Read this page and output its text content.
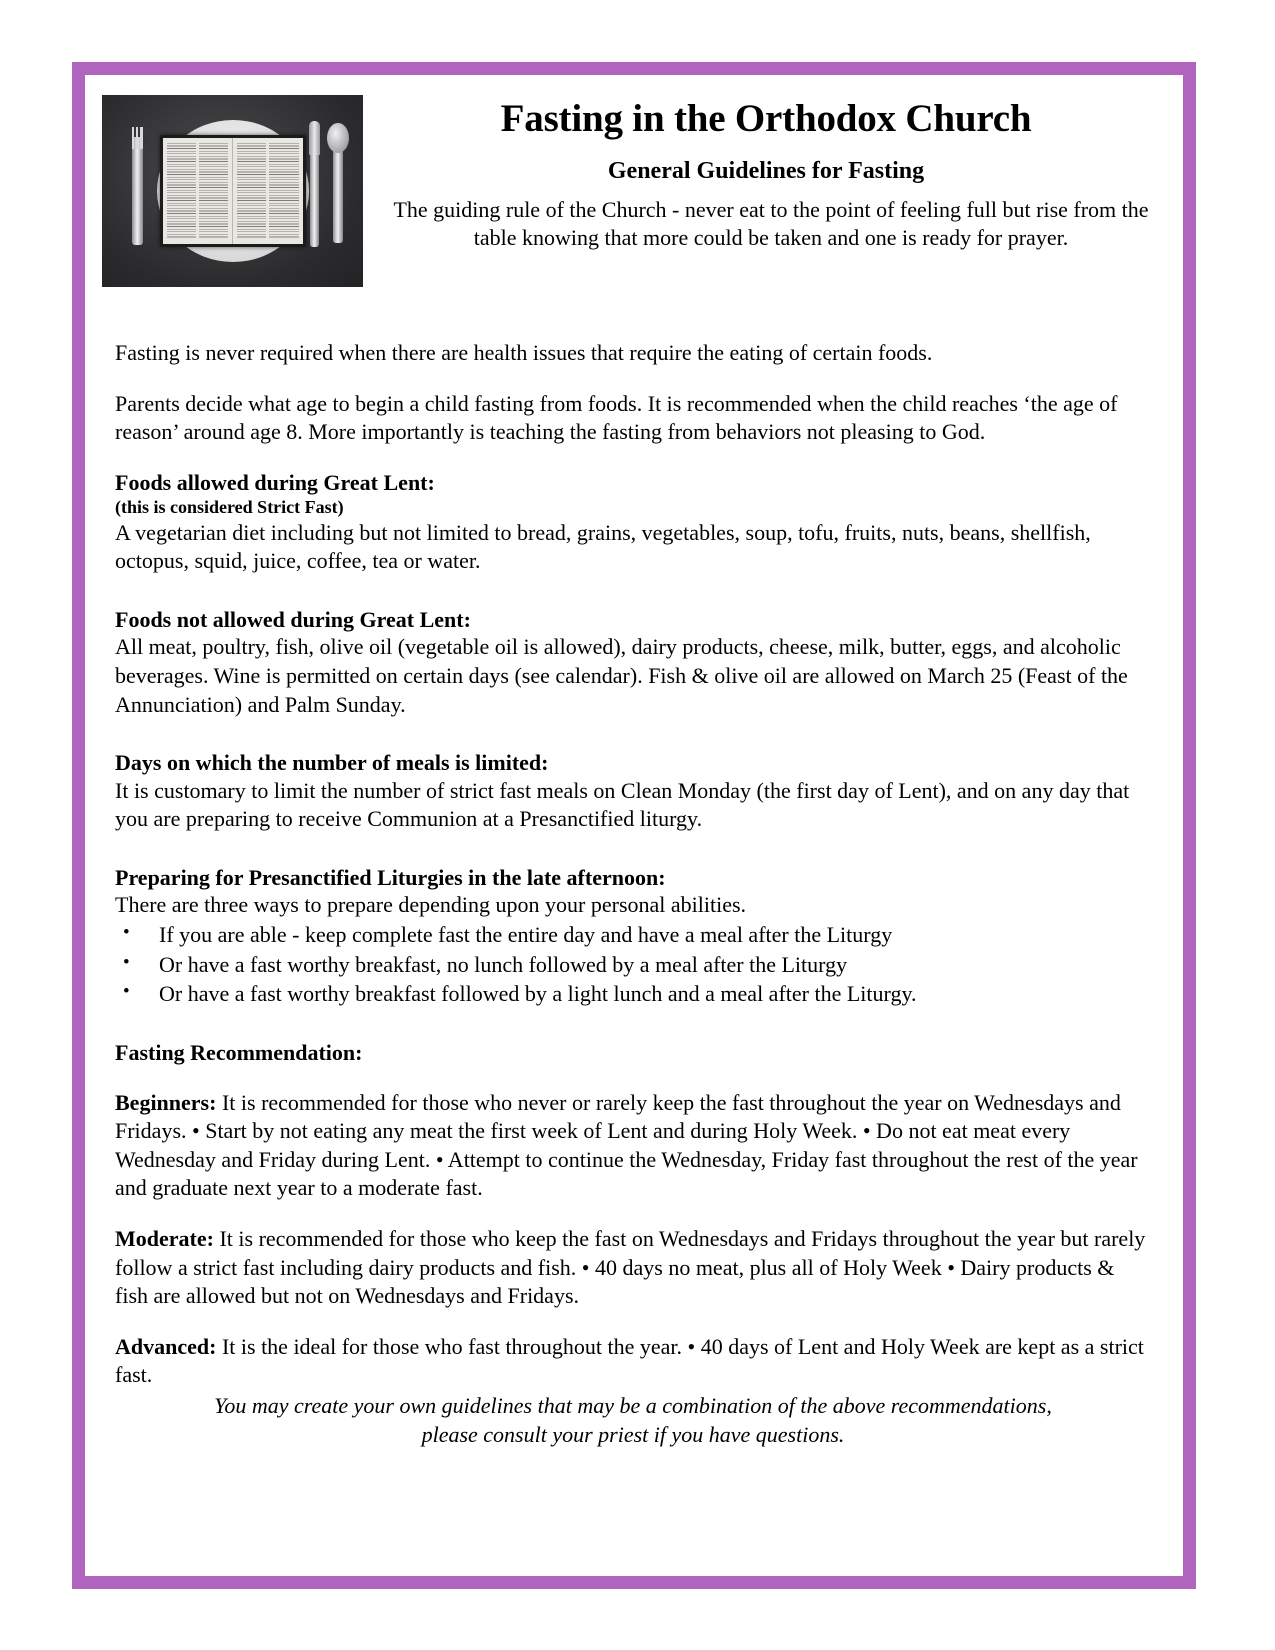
Fasting in the Orthodox Church
General Guidelines for Fasting

The guiding rule of the Church - never eat to the point of feeling full but rise from the table knowing that more could be taken and one is ready for prayer.

Fasting is never required when there are health issues that require the eating of certain foods.

Parents decide what age to begin a child fasting from foods. It is recommended when the child reaches ‘the age of reason’ around age 8. More importantly is teaching the fasting from behaviors not pleasing to God.

Foods allowed during Great Lent:
(this is considered Strict Fast)
A vegetarian diet including but not limited to bread, grains, vegetables, soup, tofu, fruits, nuts, beans, shellfish, octopus, squid, juice, coffee, tea or water.
Foods not allowed during Great Lent:
All meat, poultry, fish, olive oil (vegetable oil is allowed), dairy products, cheese, milk, butter, eggs, and alcoholic beverages. Wine is permitted on certain days (see calendar). Fish & olive oil are allowed on March 25 (Feast of the Annunciation) and Palm Sunday.
Days on which the number of meals is limited:
It is customary to limit the number of strict fast meals on Clean Monday (the first day of Lent), and on any day that you are preparing to receive Communion at a Presanctified liturgy.
Preparing for Presanctified Liturgies in the late afternoon:
There are three ways to prepare depending upon your personal abilities.
• If you are able - keep complete fast the entire day and have a meal after the Liturgy
• Or have a fast worthy breakfast, no lunch followed by a meal after the Liturgy
• Or have a fast worthy breakfast followed by a light lunch and a meal after the Liturgy.
Fasting Recommendation:

Beginners: It is recommended for those who never or rarely keep the fast throughout the year on Wednesdays and Fridays. • Start by not eating any meat the first week of Lent and during Holy Week. • Do not eat meat every Wednesday and Friday during Lent. • Attempt to continue the Wednesday, Friday fast throughout the rest of the year and graduate next year to a moderate fast.

Moderate: It is recommended for those who keep the fast on Wednesdays and Fridays throughout the year but rarely follow a strict fast including dairy products and fish. • 40 days no meat, plus all of Holy Week • Dairy products & fish are allowed but not on Wednesdays and Fridays.

Advanced: It is the ideal for those who fast throughout the year. • 40 days of Lent and Holy Week are kept as a strict fast.

You may create your own guidelines that may be a combination of the above recommendations,
please consult your priest if you have questions.
